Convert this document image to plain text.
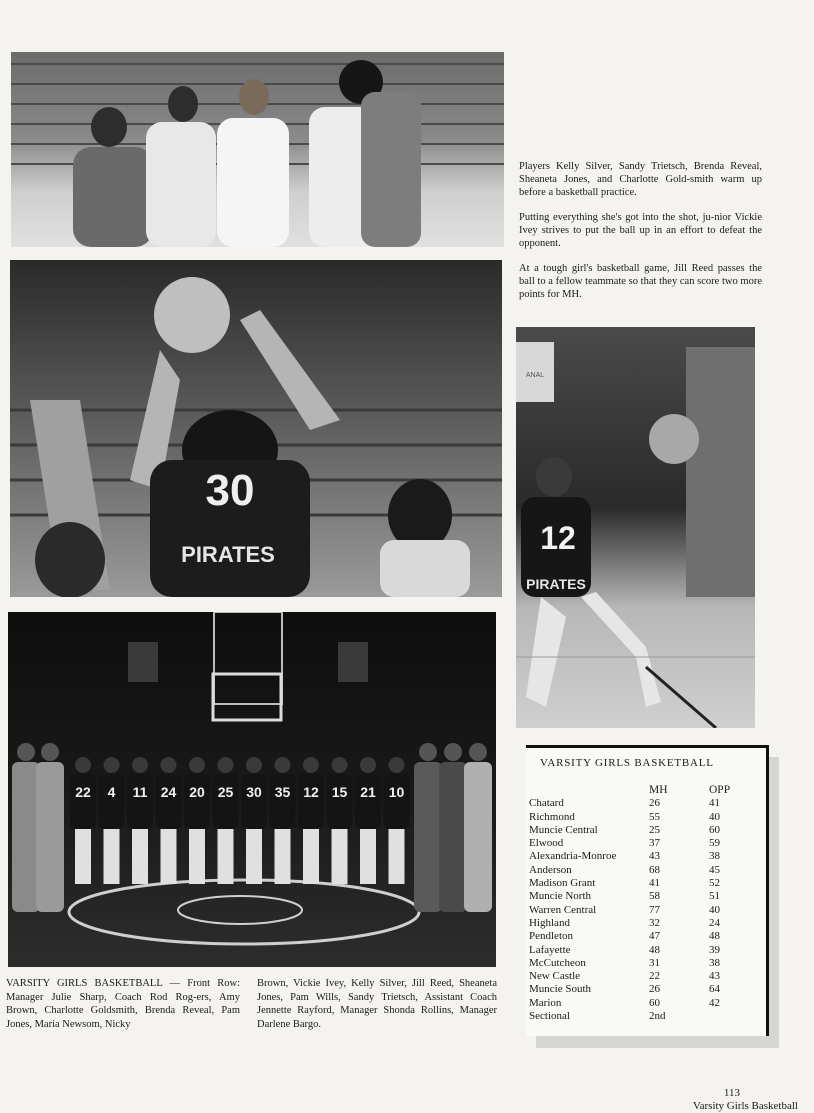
30
PIRATES
ANAL
12
PIRATES
22 4 11 24 20 25 30 35 12 15 21 10

Players Kelly Silver, Sandy Trietsch, Brenda Reveal, Sheaneta Jones, and Charlotte Gold-smith warm up before a basketball practice.

Putting everything she's got into the shot, ju-nior Vickie Ivey strives to put the ball up in an effort to defeat the opponent.

At a tough girl's basketball game, Jill Reed passes the ball to a fellow teammate so that they can score two more points for MH.

VARSITY GIRLS BASKETBALL
	MH	OPP
Chatard	26	41
Richmond	55	40
Muncie Central	25	60
Elwood	37	59
Alexandria-Monroe	43	38
Anderson	68	45
Madison Grant	41	52
Muncie North	58	51
Warren Central	77	40
Highland	32	24
Pendleton	47	48
Lafayette	48	39
McCutcheon	31	38
New Castle	22	43
Muncie South	26	64
Marion	60	42
Sectional	2nd	
VARSITY GIRLS BASKETBALL — Front Row: Manager Julie Sharp, Coach Rod Rog-ers, Amy Brown, Charlotte Goldsmith, Brenda Reveal, Pam Jones, Maria Newsom, Nicky
Brown, Vickie Ivey, Kelly Silver, Jill Reed, Sheaneta Jones, Pam Wills, Sandy Trietsch, Assistant Coach Jennette Rayford, Manager Shonda Rollins, Manager Darlene Bargo.
113
Varsity Girls Basketball
